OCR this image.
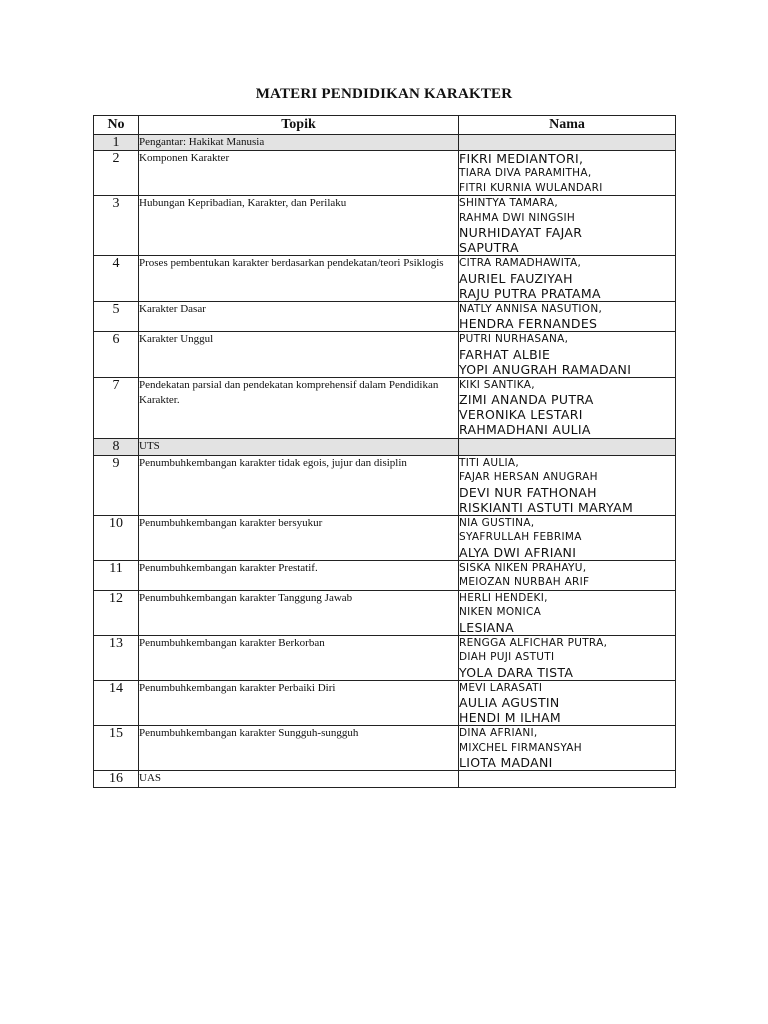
MATERI PENDIDIKAN KARAKTER
No	Topik	Nama
1	Pengantar: Hakikat Manusia	
2	Komponen Karakter	FIKRI MEDIANTORI,
TIARA DIVA PARAMITHA,
FITRI KURNIA WULANDARI

3	Hubungan Kepribadian, Karakter, dan Perilaku	SHINTYA TAMARA,
RAHMA DWI NINGSIH
NURHIDAYAT FAJAR
SAPUTRA

4	Proses pembentukan karakter berdasarkan pendekatan/teori Psiklogis	CITRA RAMADHAWITA,
AURIEL FAUZIYAH
RAJU PUTRA PRATAMA

5	Karakter Dasar	NATLY ANNISA NASUTION,
HENDRA FERNANDES

6	Karakter Unggul	PUTRI NURHASANA,
FARHAT ALBIE
YOPI ANUGRAH RAMADANI

7	Pendekatan parsial dan pendekatan komprehensif dalam Pendidikan Karakter.	KIKI SANTIKA,
ZIMI ANANDA PUTRA
VERONIKA LESTARI
RAHMADHANI AULIA

8	UTS	
9	Penumbuhkembangan karakter tidak egois, jujur dan disiplin	TITI AULIA,
FAJAR HERSAN ANUGRAH
DEVI NUR FATHONAH
RISKIANTI ASTUTI MARYAM

10	Penumbuhkembangan karakter bersyukur	NIA GUSTINA,
SYAFRULLAH FEBRIMA
ALYA DWI AFRIANI

11	Penumbuhkembangan karakter Prestatif.	SISKA NIKEN PRAHAYU,
MEIOZAN NURBAH ARIF

12	Penumbuhkembangan karakter Tanggung Jawab	HERLI HENDEKI,
NIKEN MONICA
LESIANA

13	Penumbuhkembangan karakter Berkorban	RENGGA ALFICHAR PUTRA,
DIAH PUJI ASTUTI
YOLA DARA TISTA

14	Penumbuhkembangan karakter Perbaiki Diri	MEVI LARASATI
AULIA AGUSTIN
HENDI M ILHAM

15	Penumbuhkembangan karakter Sungguh-sungguh	DINA AFRIANI,
MIXCHEL FIRMANSYAH
LIOTA MADANI

16	UAS	
